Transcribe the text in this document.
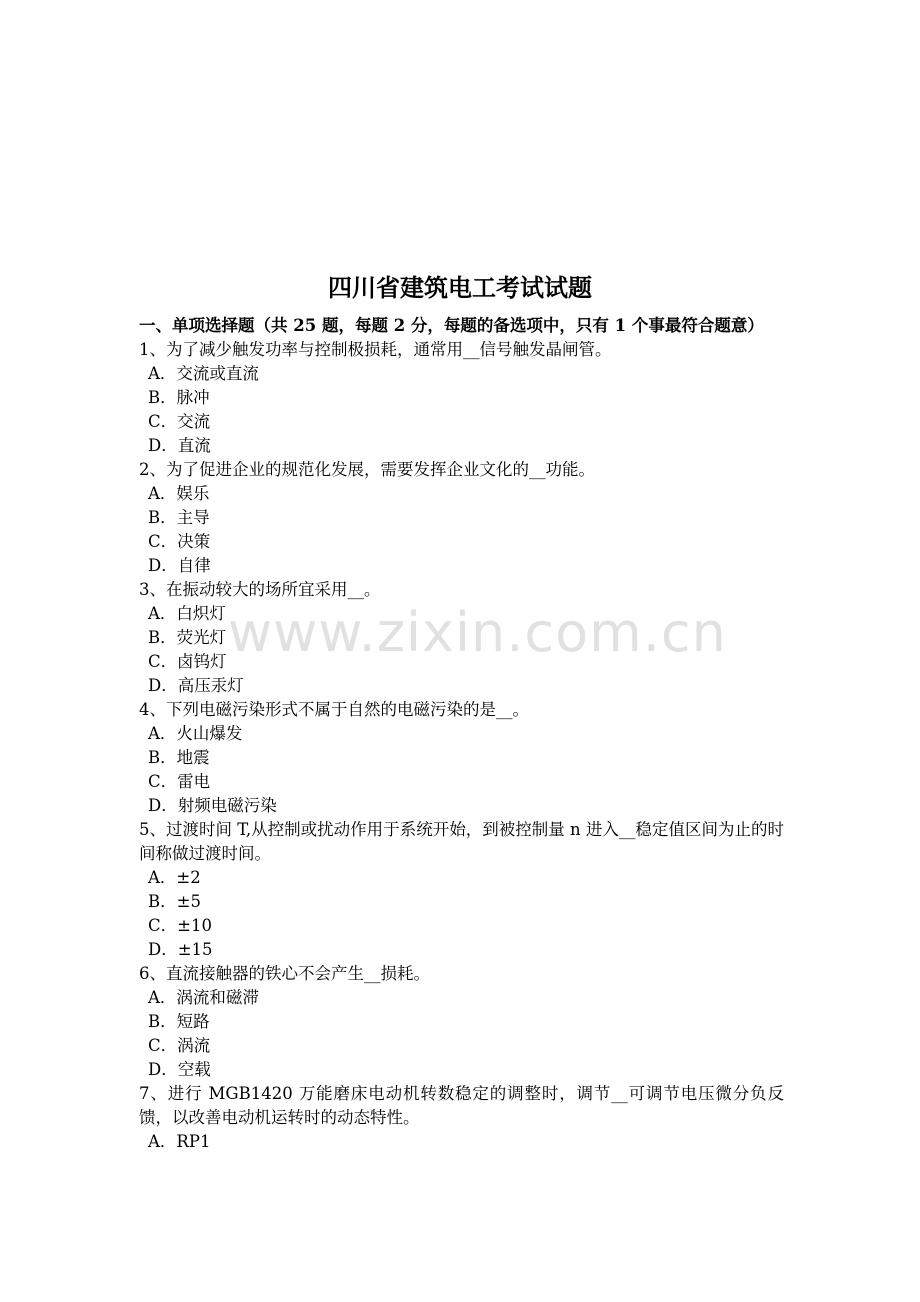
四川省建筑电工考试试题

一、单项选择题（共 25 题，每题 2 分，每题的备选项中，只有 1 个事最符合题意）

1、为了减少触发功率与控制极损耗，通常用__信号触发晶闸管。

A．交流或直流

B．脉冲

C．交流

D．直流

2、为了促进企业的规范化发展，需要发挥企业文化的__功能。

A．娱乐

B．主导

C．决策

D．自律

3、在振动较大的场所宜采用__。

A．白炽灯

B．荧光灯

C．卤钨灯

D．高压汞灯

4、下列电磁污染形式不属于自然的电磁污染的是__。

A．火山爆发

B．地震

C．雷电

D．射频电磁污染

5、过渡时间 T,从控制或扰动作用于系统开始，到被控制量 n 进入__稳定值区间为止的时间称做过渡时间。

A．±2

B．±5

C．±10

D．±15

6、直流接触器的铁心不会产生__损耗。

A．涡流和磁滞

B．短路

C．涡流

D．空载

7、进行 MGB1420 万能磨床电动机转数稳定的调整时，调节__可调节电压微分负反馈，以改善电动机运转时的动态特性。

A．RP1

www.zixin.com.cn
